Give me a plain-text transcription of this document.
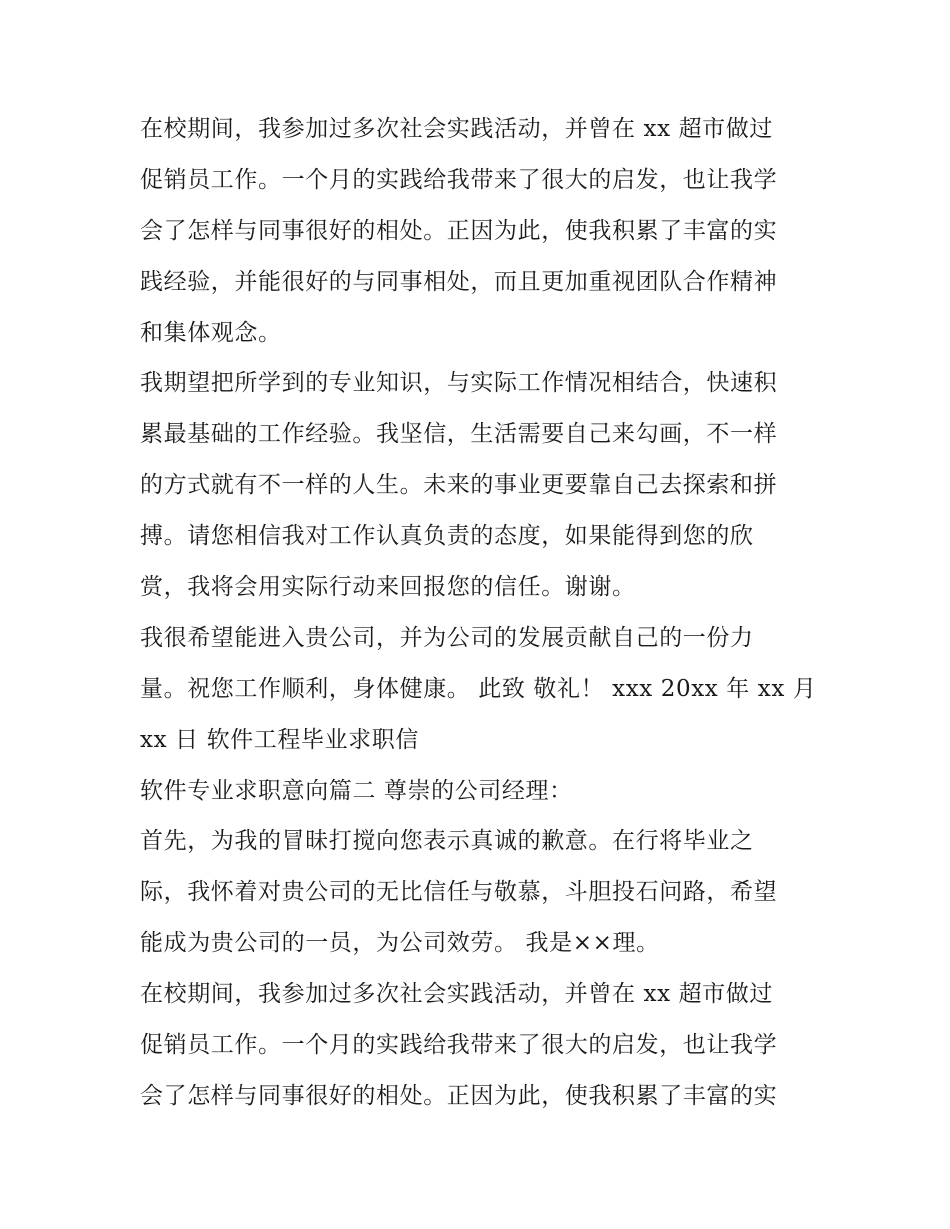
在校期间，我参加过多次社会实践活动，并曾在 xx 超市做过
促销员工作。一个月的实践给我带来了很大的启发，也让我学
会了怎样与同事很好的相处。正因为此，使我积累了丰富的实
践经验，并能很好的与同事相处，而且更加重视团队合作精神
和集体观念。
我期望把所学到的专业知识，与实际工作情况相结合，快速积
累最基础的工作经验。我坚信，生活需要自己来勾画，不一样
的方式就有不一样的人生。未来的事业更要靠自己去探索和拼
搏。请您相信我对工作认真负责的态度，如果能得到您的欣
赏，我将会用实际行动来回报您的信任。谢谢。
我很希望能进入贵公司，并为公司的发展贡献自己的一份力
量。祝您工作顺利，身体健康。 此致 敬礼！ xxx 20xx 年 xx 月
xx 日 软件工程毕业求职信
软件专业求职意向篇二 尊崇的公司经理：
首先，为我的冒昧打搅向您表示真诚的歉意。在行将毕业之
际，我怀着对贵公司的无比信任与敬慕，斗胆投石问路，希望
能成为贵公司的一员，为公司效劳。 我是××理。
在校期间，我参加过多次社会实践活动，并曾在 xx 超市做过
促销员工作。一个月的实践给我带来了很大的启发，也让我学
会了怎样与同事很好的相处。正因为此，使我积累了丰富的实
